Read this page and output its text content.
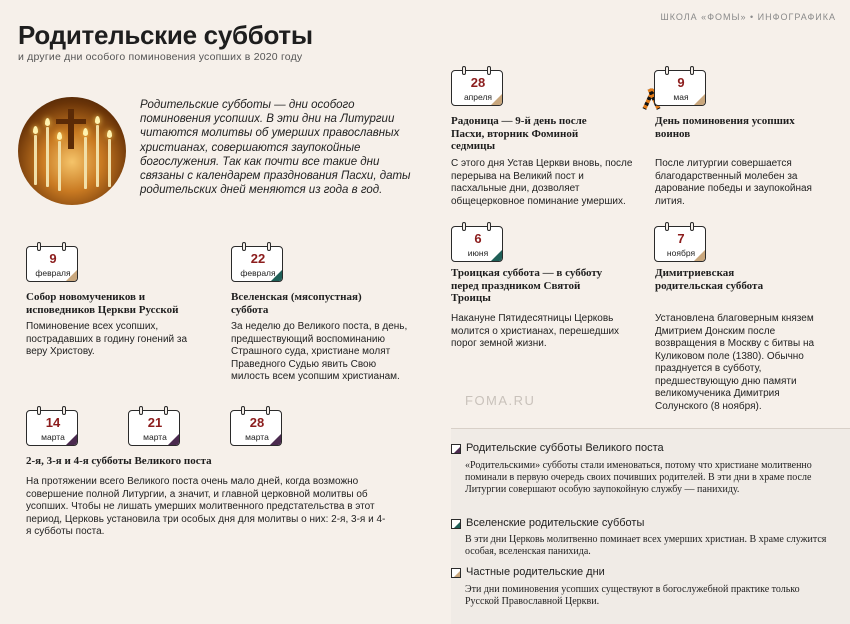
Родительские субботы
и другие дни особого поминовения усопших в 2020 году
ШКОЛА «ФОМЫ» • ИНФОГРАФИКА
FOMA.RU
Родительские субботы — дни особого поминовения усопших. В эти дни на Литургии читаются молитвы об умерших православных христианах, совершаются заупокойные богослужения. Так как почти все такие дни связаны с календарем празднования Пасхи, даты родительских дней меняются из года в год.
9
февраля
Собор новомучеников и исповедников Церкви Русской
Поминовение всех усопших, пострадавших в годину гонений за веру Христову.
22
февраля
Вселенская (мясопустная) суббота
За неделю до Великого поста, в день, предшествующий воспоминанию Страшного суда, христиане молят Праведного Судью явить Свою милость всем усопшим христианам.
14
марта
21
марта
28
марта
2-я, 3-я и 4-я субботы Великого поста
На протяжении всего Великого поста очень мало дней, когда возможно совершение полной Литургии, а значит, и главной церковной молитвы об усопших. Чтобы не лишать умерших молитвенного предстательства в этот период, Церковь установила три особых дня для молитвы о них: 2-я, 3-я и 4-я субботы поста.
28
апреля
Радоница — 9-й день после Пасхи, вторник Фоминой седмицы
С этого дня Устав Церкви вновь, после перерыва на Великий пост и пасхальные дни, дозволяет общецерковное поминание умерших.
9
мая
День поминовения усопших воинов
После литургии совершается благодарственный молебен за дарование победы и заупокойная лития.
6
июня
Троицкая суббота — в субботу перед праздником Святой Троицы
Накануне Пятидесятницы Церковь молится о христианах, перешедших порог земной жизни.
7
ноября
Димитриевская родительская суббота
Установлена благоверным князем Дмитрием Донским после возвращения в Москву с битвы на Куликовом поле (1380). Обычно празднуется в субботу, предшествующую дню памяти великомученика Димитрия Солунского (8 ноября).
Родительские субботы Великого поста
«Родительскими» субботы стали именоваться, потому что христиане молитвенно поминали в первую очередь своих почивших родителей. В эти дни в храме после Литургии совершают особую заупокойную службу — панихиду.
Вселенские родительские субботы
В эти дни Церковь молитвенно поминает всех умерших христиан. В храме служится особая, вселенская панихида.
Частные родительские дни
Эти дни поминовения усопших существуют в богослужебной практике только Русской Православной Церкви.
